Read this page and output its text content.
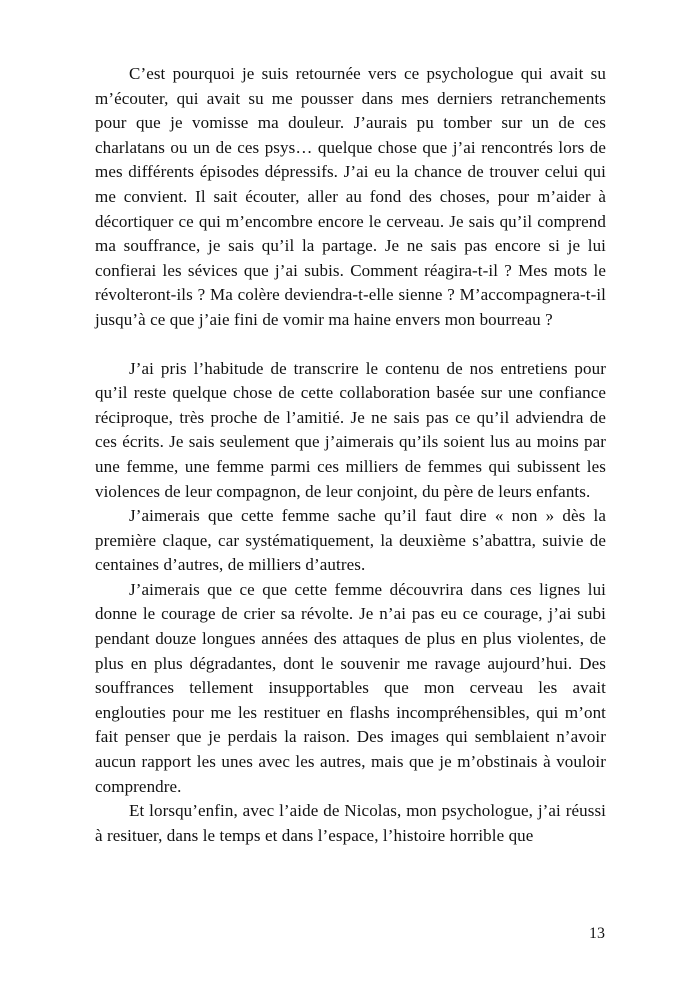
C’est pourquoi je suis retournée vers ce psychologue qui avait su m’écouter, qui avait su me pousser dans mes derniers retranchements pour que je vomisse ma douleur. J’aurais pu tomber sur un de ces charlatans ou un de ces psys… quelque chose que j’ai rencontrés lors de mes différents épisodes dépressifs. J’ai eu la chance de trouver celui qui me convient. Il sait écouter, aller au fond des choses, pour m’aider à décortiquer ce qui m’encombre encore le cerveau. Je sais qu’il comprend ma souffrance, je sais qu’il la partage. Je ne sais pas encore si je lui confierai les sévices que j’ai subis. Comment réagira-t-il ? Mes mots le révolteront-ils ? Ma colère deviendra-t-elle sienne ? M’accompagnera-t-il jusqu’à ce que j’aie fini de vomir ma haine envers mon bourreau ?

J’ai pris l’habitude de transcrire le contenu de nos entretiens pour qu’il reste quelque chose de cette collaboration basée sur une confiance réciproque, très proche de l’amitié. Je ne sais pas ce qu’il adviendra de ces écrits. Je sais seulement que j’aimerais qu’ils soient lus au moins par une femme, une femme parmi ces milliers de femmes qui subissent les violences de leur compagnon, de leur conjoint, du père de leurs enfants.

J’aimerais que cette femme sache qu’il faut dire « non » dès la première claque, car systématiquement, la deuxième s’abattra, suivie de centaines d’autres, de milliers d’autres.

J’aimerais que ce que cette femme découvrira dans ces lignes lui donne le courage de crier sa révolte. Je n’ai pas eu ce courage, j’ai subi pendant douze longues années des attaques de plus en plus violentes, de plus en plus dégradantes, dont le souvenir me ravage aujourd’hui. Des souffrances tellement insupportables que mon cerveau les avait englouties pour me les restituer en flashs incompréhensibles, qui m’ont fait penser que je perdais la raison. Des images qui semblaient n’avoir aucun rapport les unes avec les autres, mais que je m’obstinais à vouloir comprendre.

Et lorsqu’enfin, avec l’aide de Nicolas, mon psychologue, j’ai réussi à resituer, dans le temps et dans l’espace, l’histoire horrible que

13
